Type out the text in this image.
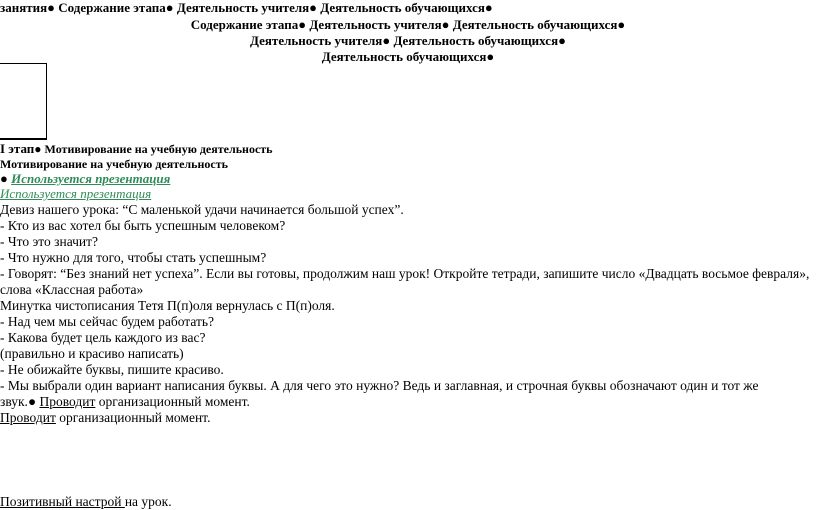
занятия● Содержание этапа● Деятельность учителя● Деятельность обучающихся●
Содержание этапа● Деятельность учителя● Деятельность обучающихся●
Деятельность учителя● Деятельность обучающихся●
Деятельность обучающихся●
I этап● Мотивирование на учебную деятельность
Мотивирование на учебную деятельность
● Используется презентация
Используется презентация
Девиз нашего урока: “С маленькой удачи начинается большой успех”.
- Кто из вас хотел бы быть успешным человеком?
- Что это значит?
- Что нужно для того, чтобы стать успешным?
- Говорят: “Без знаний нет успеха”. Если вы готовы, продолжим наш урок! Откройте тетради, запишите число «Двадцать восьмое февраля»,
слова «Классная работа»
Минутка чистописания Тетя П(п)оля вернулась с П(п)оля.
- Над чем мы сейчас будем работать?
- Какова будет цель каждого из вас?
(правильно и красиво написать)
- Не обижайте буквы, пишите красиво.
- Мы выбрали один вариант написания буквы. А для чего это нужно? Ведь и заглавная, и строчная буквы обозначают один и тот же
звук.● Проводит организационный момент.
Проводит организационный момент.
Позитивный настрой на урок.
